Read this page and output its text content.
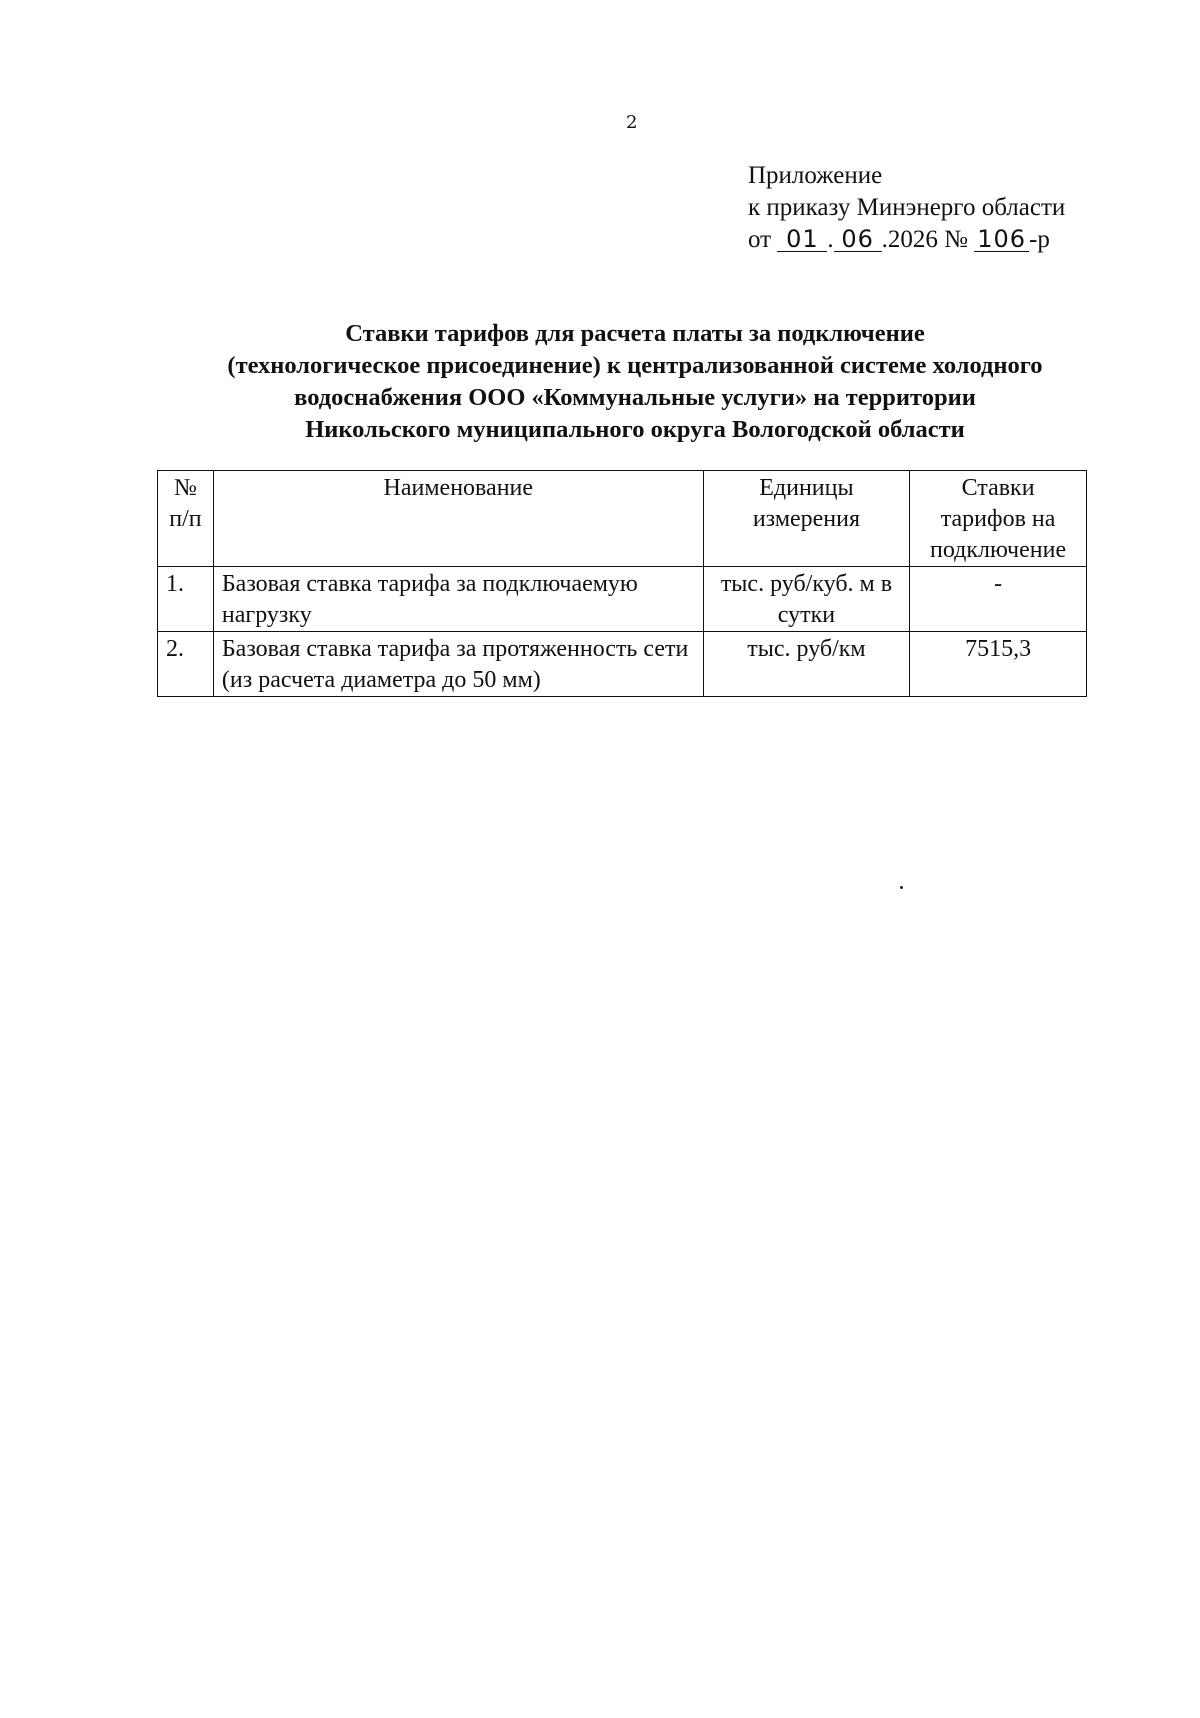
2
Приложение
к приказу Минэнерго области
от 01 . 06 .2026 № 106 -р
Ставки тарифов для расчета платы за подключение
(технологическое присоединение) к централизованной системе холодного
водоснабжения ООО «Коммунальные услуги» на территории
Никольского муниципального округа Вологодской области
№ п/п	Наименование	Единицы измерения	Ставки тарифов на подключение
1.	Базовая ставка тарифа за подключаемую нагрузку	тыс. руб/куб. м в сутки	-
2.	Базовая ставка тарифа за протяженность сети (из расчета диаметра до 50 мм)	тыс. руб/км	7515,3
